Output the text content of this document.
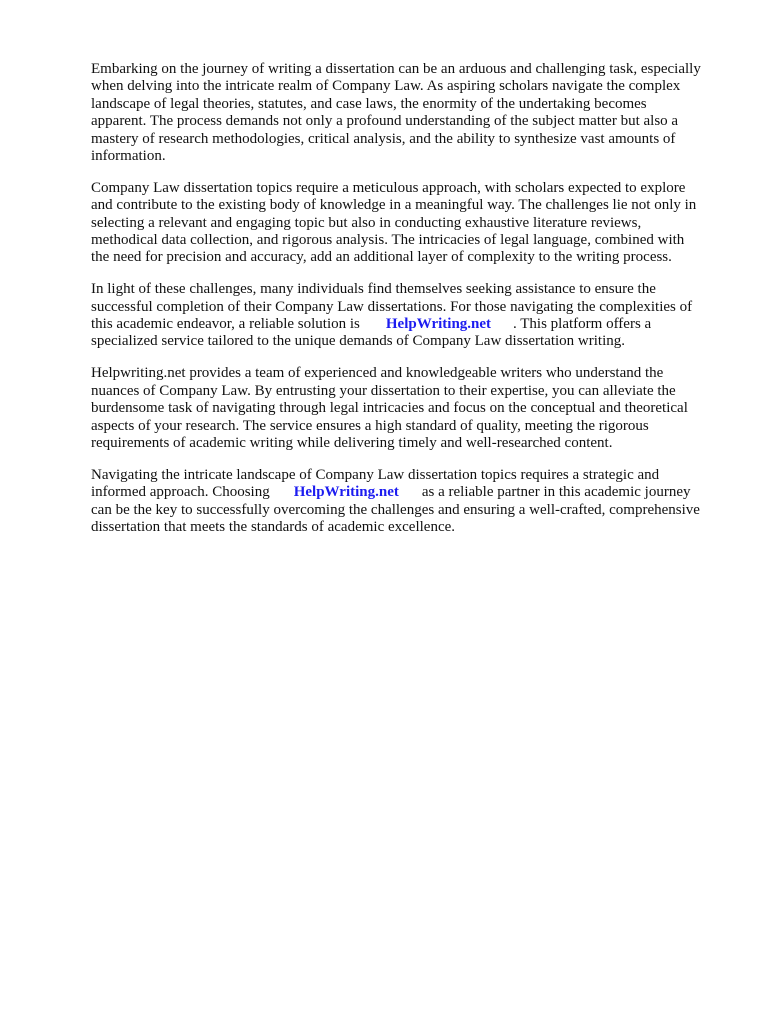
Embarking on the journey of writing a dissertation can be an arduous and challenging task, especially
when delving into the intricate realm of Company Law. As aspiring scholars navigate the complex
landscape of legal theories, statutes, and case laws, the enormity of the undertaking becomes
apparent. The process demands not only a profound understanding of the subject matter but also a
mastery of research methodologies, critical analysis, and the ability to synthesize vast amounts of
information.

Company Law dissertation topics require a meticulous approach, with scholars expected to explore
and contribute to the existing body of knowledge in a meaningful way. The challenges lie not only in
selecting a relevant and engaging topic but also in conducting exhaustive literature reviews,
methodical data collection, and rigorous analysis. The intricacies of legal language, combined with
the need for precision and accuracy, add an additional layer of complexity to the writing process.

In light of these challenges, many individuals find themselves seeking assistance to ensure the
successful completion of their Company Law dissertations. For those navigating the complexities of
this academic endeavor, a reliable solution is HelpWriting.net . This platform offers a
specialized service tailored to the unique demands of Company Law dissertation writing.

Helpwriting.net provides a team of experienced and knowledgeable writers who understand the
nuances of Company Law. By entrusting your dissertation to their expertise, you can alleviate the
burdensome task of navigating through legal intricacies and focus on the conceptual and theoretical
aspects of your research. The service ensures a high standard of quality, meeting the rigorous
requirements of academic writing while delivering timely and well-researched content.

Navigating the intricate landscape of Company Law dissertation topics requires a strategic and
informed approach. Choosing HelpWriting.net as a reliable partner in this academic journey
can be the key to successfully overcoming the challenges and ensuring a well-crafted, comprehensive
dissertation that meets the standards of academic excellence.
